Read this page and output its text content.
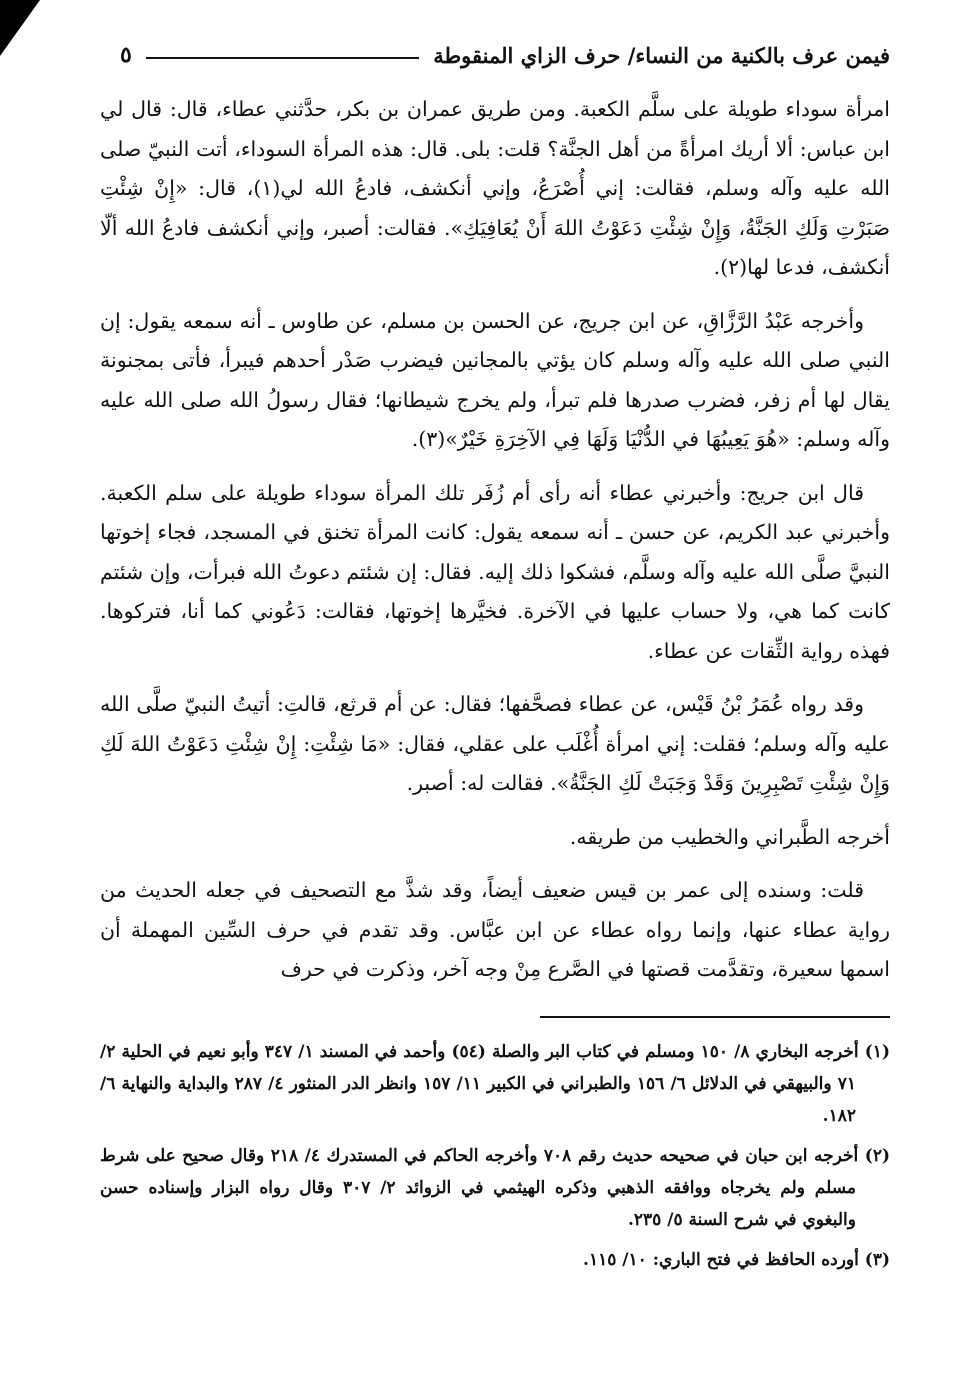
فيمن عرف بالكنية من النساء/ حرف الزاي المنقوطة
٥

امرأة سوداء طويلة على سلَّم الكعبة. ومن طريق عمران بن بكر، حدَّثني عطاء، قال: قال لي ابن عباس: ألا أريك امرأةً من أهل الجنَّة؟ قلت: بلى. قال: هذه المرأة السوداء، أتت النبيّ صلى الله عليه وآله وسلم، فقالت: إني أُصْرَعُ، وإني أنكشف، فادعُ الله لي(١)، قال: «إِنْ شِئْتِ صَبَرْتِ وَلَكِ الجَنَّةُ، وَإِنْ شِئْتِ دَعَوْتُ اللهَ أَنْ يُعَافِيَكِ». فقالت: أصبر، وإني أنكشف فادعُ الله ألّا أنكشف، فدعا لها(٢).

وأخرجه عَبْدُ الرَّزَّاقِ، عن ابن جريج، عن الحسن بن مسلم، عن طاوس ـ أنه سمعه يقول: إن النبي صلى الله عليه وآله وسلم كان يؤتي بالمجانين فيضرب صَدْر أحدهم فيبرأ، فأتى بمجنونة يقال لها أم زفر، فضرب صدرها فلم تبرأ، ولم يخرج شيطانها؛ فقال رسولُ الله صلى الله عليه وآله وسلم: «هُوَ يَعِيبُهَا في الدُّنْيَا وَلَهَا فِي الآخِرَةِ خَيْرٌ»(٣).

قال ابن جريج: وأخبرني عطاء أنه رأى أم زُفَر تلك المرأة سوداء طويلة على سلم الكعبة. وأخبرني عبد الكريم، عن حسن ـ أنه سمعه يقول: كانت المرأة تخنق في المسجد، فجاء إخوتها النبيَّ صلَّى الله عليه وآله وسلَّم، فشكوا ذلك إليه. فقال: إن شئتم دعوتُ الله فبرأت، وإن شئتم كانت كما هي، ولا حساب عليها في الآخرة. فخيَّرها إخوتها، فقالت: دَعُوني كما أنا، فتركوها. فهذه رواية الثِّقات عن عطاء.

وقد رواه عُمَرُ بْنُ قَيْس، عن عطاء فصحَّفها؛ فقال: عن أم قرثع، قالتِ: أتيتُ النبيّ صلَّى الله عليه وآله وسلم؛ فقلت: إني امرأة أُغْلَب على عقلي، فقال: «مَا شِئْتِ: إِنْ شِئْتِ دَعَوْتُ اللهَ لَكِ وَإِنْ شِئْتِ تَصْبِرِينَ وَقَدْ وَجَبَتْ لَكِ الجَنَّةُ». فقالت له: أصبر.

أخرجه الطَّبراني والخطيب من طريقه.

قلت: وسنده إلى عمر بن قيس ضعيف أيضاً، وقد شذَّ مع التصحيف في جعله الحديث من رواية عطاء عنها، وإنما رواه عطاء عن ابن عبَّاس. وقد تقدم في حرف السِّين المهملة أن اسمها سعيرة، وتقدَّمت قصتها في الصَّرع مِنْ وجه آخر، وذكرت في حرف

(١) أخرجه البخاري ٨/ ١٥٠ ومسلم في كتاب البر والصلة (٥٤) وأحمد في المسند ١/ ٣٤٧ وأبو نعيم في الحلية ٢/ ٧١ والبيهقي في الدلائل ٦/ ١٥٦ والطبراني في الكبير ١١/ ١٥٧ وانظر الدر المنثور ٤/ ٢٨٧ والبداية والنهاية ٦/ ١٨٢.

(٢) أخرجه ابن حبان في صحيحه حديث رقم ٧٠٨ وأخرجه الحاكم في المستدرك ٤/ ٢١٨ وقال صحيح على شرط مسلم ولم يخرجاه ووافقه الذهبي وذكره الهيثمي في الزوائد ٢/ ٣٠٧ وقال رواه البزار وإسناده حسن والبغوي في شرح السنة ٥/ ٢٣٥.

(٣) أورده الحافظ في فتح الباري: ١٠/ ١١٥.
